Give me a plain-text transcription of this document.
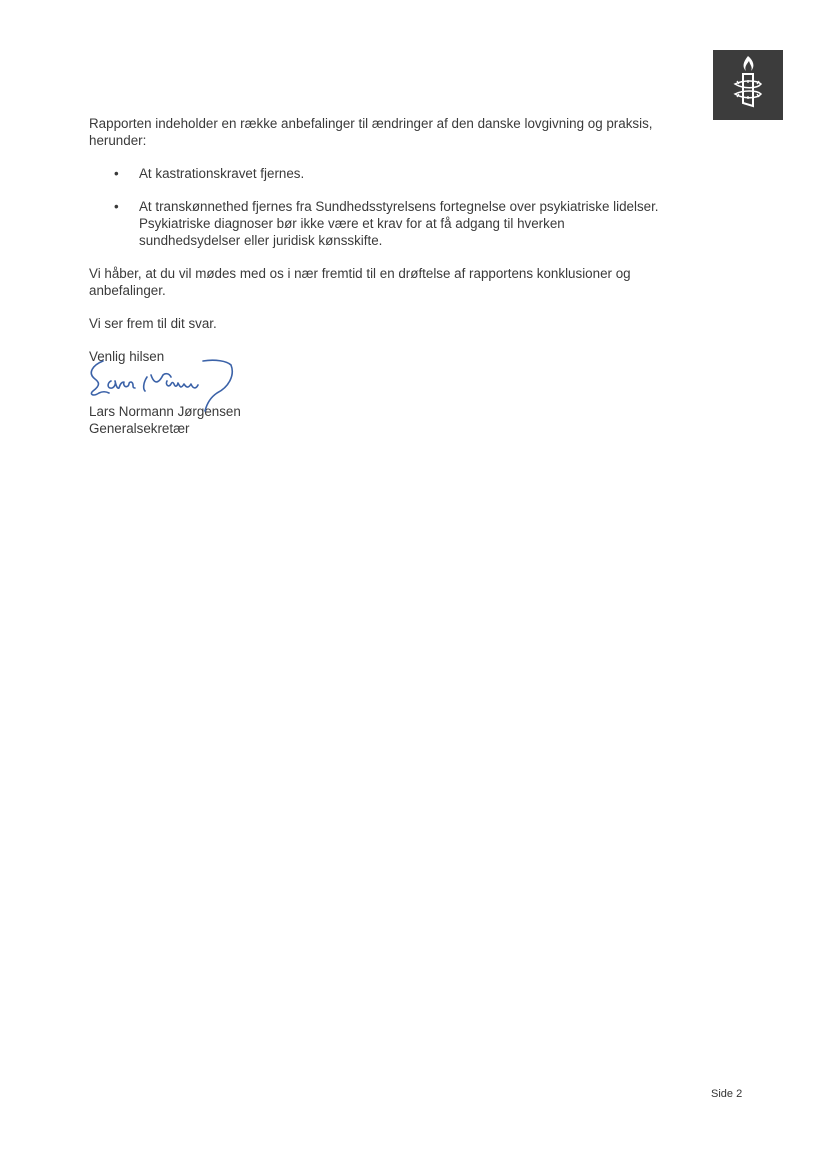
Rapporten indeholder en række anbefalinger til ændringer af den danske lovgivning og praksis, herunder:

• At kastrationskravet fjernes.
• At transkønnethed fjernes fra Sundhedsstyrelsens fortegnelse over psykiatriske lidelser. Psykiatriske diagnoser bør ikke være et krav for at få adgang til hverken sundhedsydelser eller juridisk kønsskifte.

Vi håber, at du vil mødes med os i nær fremtid til en drøftelse af rapportens konklusioner og anbefalinger.

Vi ser frem til dit svar.

Venlig hilsen

Lars Normann Jørgensen

Generalsekretær

Side 2
